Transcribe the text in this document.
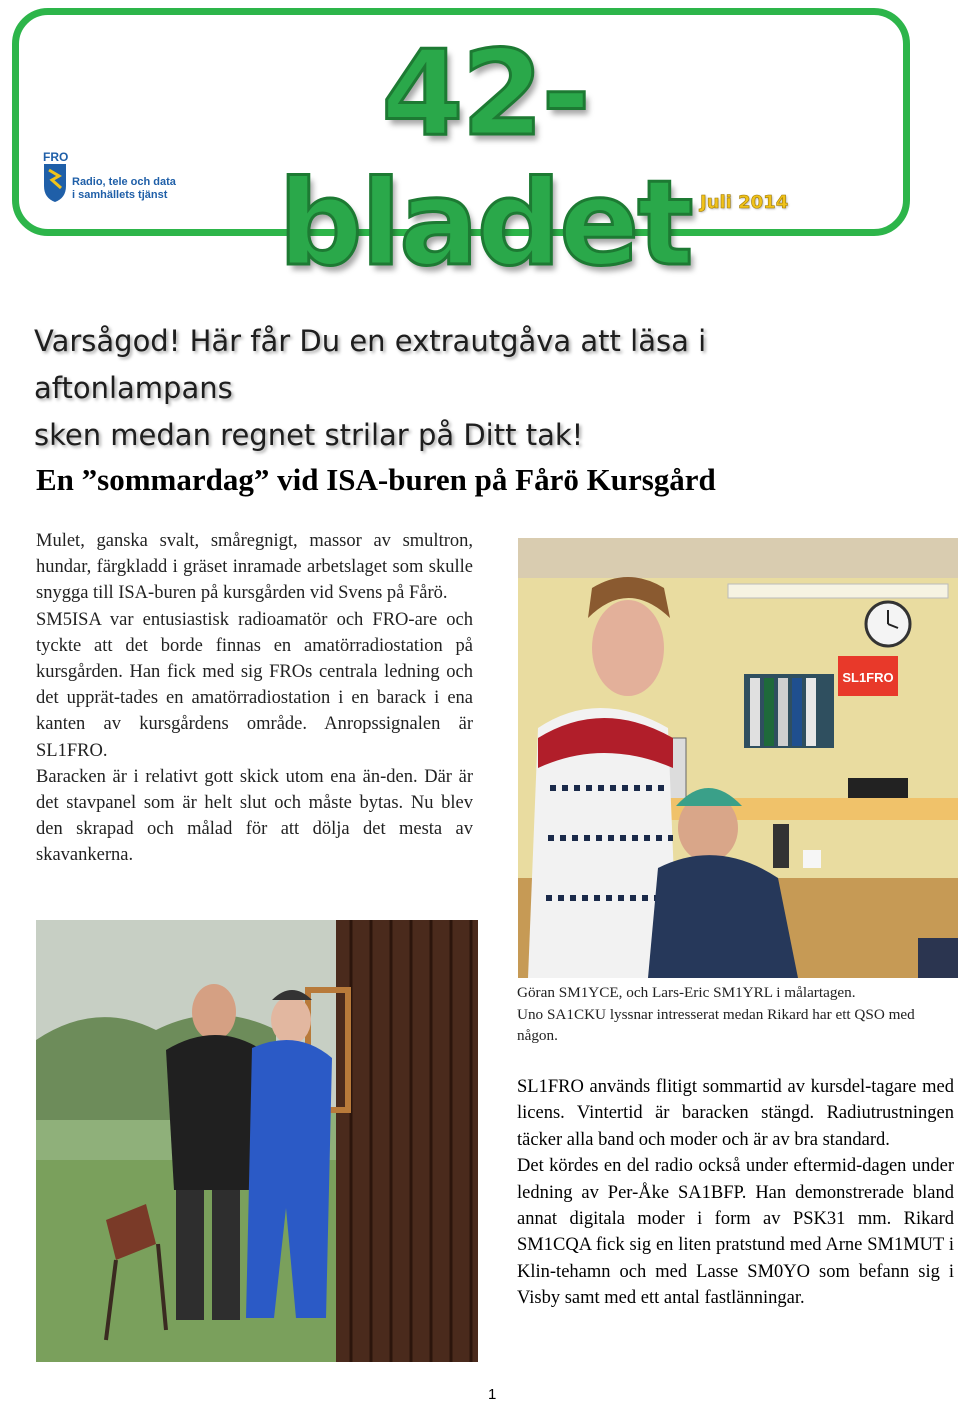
42-bladet
FRO
Radio, tele och data
i samhällets tjänst	Juli 2014
Varsågod! Här får Du en extrautgåva att läsa i aftonlampans
sken medan regnet strilar på Ditt tak!
En ”sommardag” vid ISA-buren på Fårö Kursgård

Mulet, ganska svalt, småregnigt, massor av smultron, hundar, färgkladd i gräset inramade arbetslaget som skulle snygga till ISA-buren på kursgården vid Svens på Fårö.

SM5ISA var entusiastisk radioamatör och FRO-are och tyckte att det borde finnas en amatörradiostation på kursgården. Han fick med sig FROs centrala ledning och det upprät-tades en amatörradiostation i en barack i ena kanten av kursgårdens område. Anropssignalen är SL1FRO.

Baracken är i relativt gott skick utom ena än-den. Där är det stavpanel som är helt slut och måste bytas. Nu blev den skrapad och målad för att dölja det mesta av skavankerna.

SL1FRO
Göran SM1YCE, och Lars-Eric SM1YRL i målartagen.
Uno SA1CKU lyssnar intresserat medan Rikard har ett QSO med någon.

SL1FRO används flitigt sommartid av kursdel-tagare med licens. Vintertid är baracken stängd. Radiutrustningen täcker alla band och moder och är av bra standard.

Det kördes en del radio också under eftermid-dagen under ledning av Per-Åke SA1BFP. Han demonstrerade bland annat digitala moder i form av PSK31 mm. Rikard SM1CQA fick sig en liten pratstund med Arne SM1MUT i Klin-tehamn och med Lasse SM0YO som befann sig i Visby samt med ett antal fastlänningar.

1
